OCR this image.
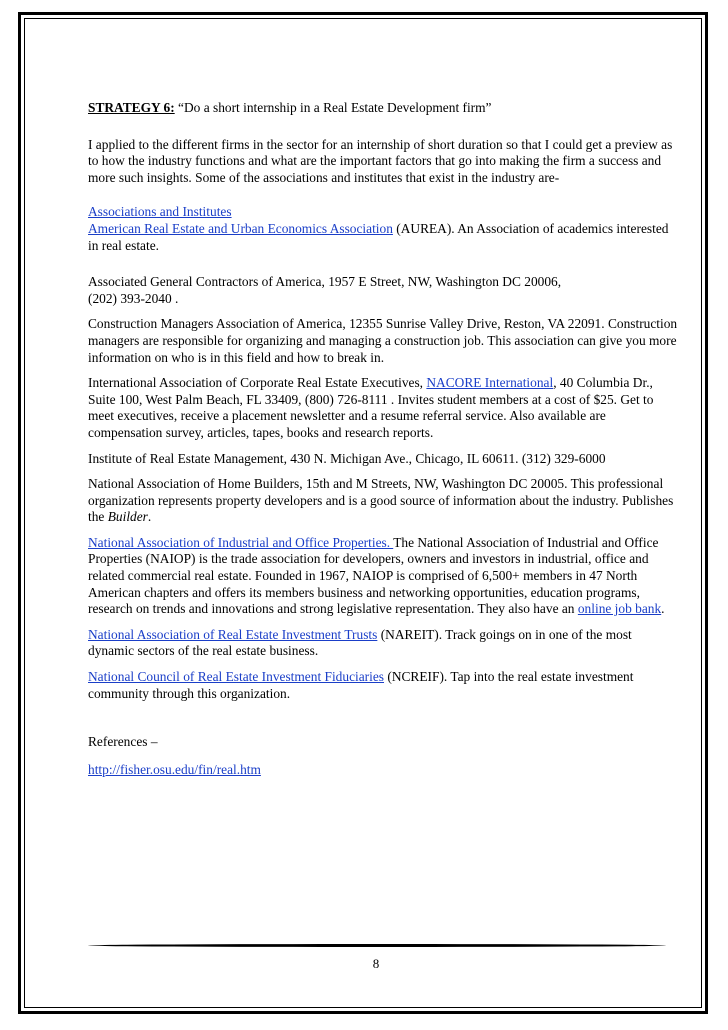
STRATEGY 6: “Do a short internship in a Real Estate Development firm”

I applied to the different firms in the sector for an internship of short duration so that I could get a preview as to how the industry functions and what are the important factors that go into making the firm a success and more such insights. Some of the associations and institutes that exist in the industry are-

Associations and Institutes
American Real Estate and Urban Economics Association (AUREA). An Association of academics interested in real estate.

Associated General Contractors of America, 1957 E Street, NW, Washington DC 20006,
(202) 393-2040 .

Construction Managers Association of America, 12355 Sunrise Valley Drive, Reston, VA 22091. Construction managers are responsible for organizing and managing a construction job. This association can give you more information on who is in this field and how to break in.

International Association of Corporate Real Estate Executives, NACORE International, 40 Columbia Dr., Suite 100, West Palm Beach, FL 33409, (800) 726-8111 . Invites student members at a cost of $25. Get to meet executives, receive a placement newsletter and a resume referral service. Also available are compensation survey, articles, tapes, books and research reports.

Institute of Real Estate Management, 430 N. Michigan Ave., Chicago, IL 60611. (312) 329-6000

National Association of Home Builders, 15th and M Streets, NW, Washington DC 20005. This professional organization represents property developers and is a good source of information about the industry. Publishes the Builder.

National Association of Industrial and Office Properties. The National Association of Industrial and Office Properties (NAIOP) is the trade association for developers, owners and investors in industrial, office and related commercial real estate. Founded in 1967, NAIOP is comprised of 6,500+ members in 47 North American chapters and offers its members business and networking opportunities, education programs, research on trends and innovations and strong legislative representation. They also have an online job bank.

National Association of Real Estate Investment Trusts (NAREIT). Track goings on in one of the most dynamic sectors of the real estate business.

National Council of Real Estate Investment Fiduciaries (NCREIF). Tap into the real estate investment community through this organization.

References –

http://fisher.osu.edu/fin/real.htm

8
